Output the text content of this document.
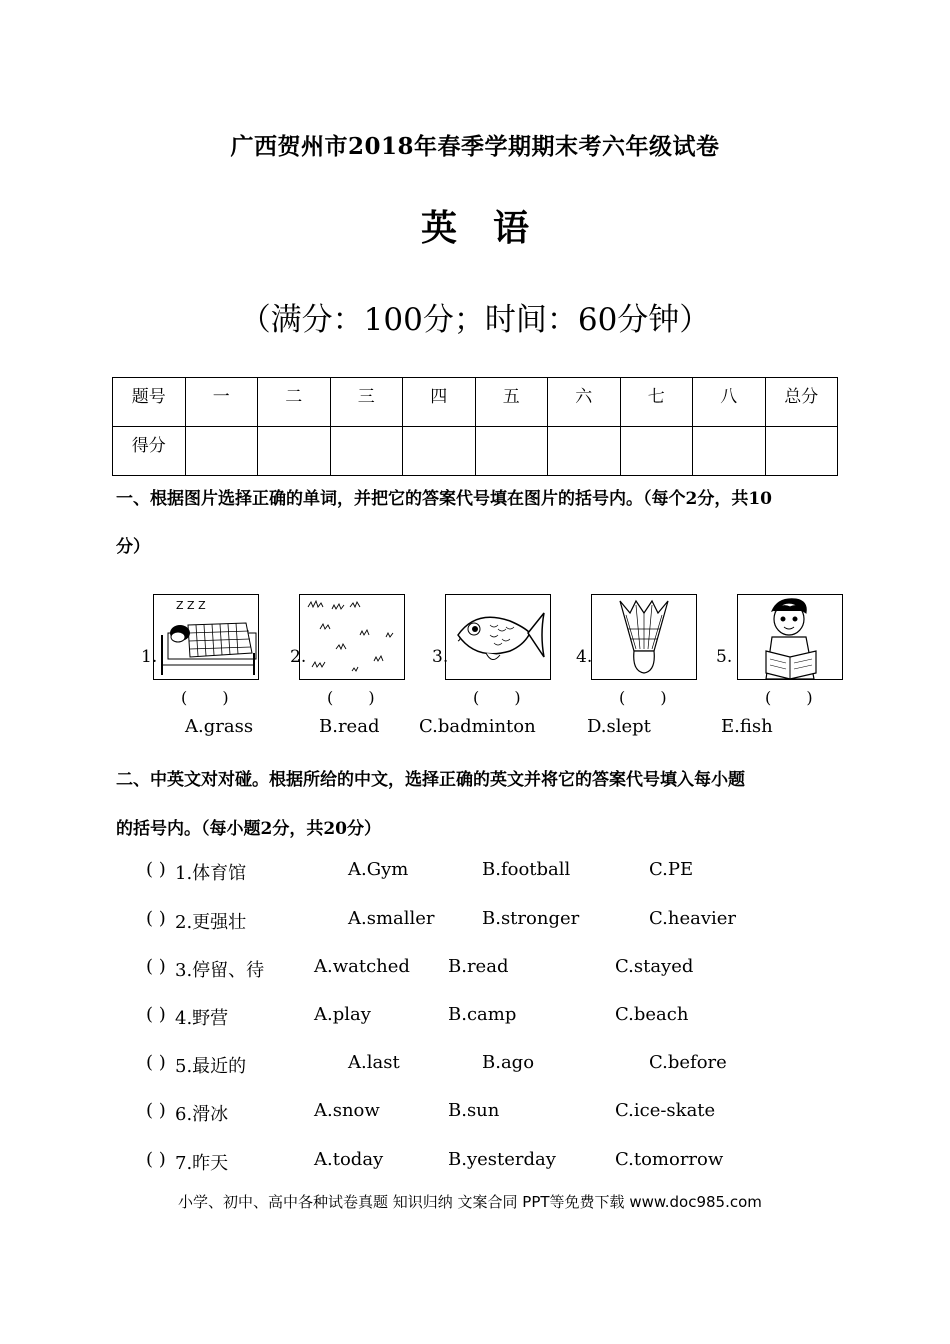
广西贺州市2018年春季学期期末考六年级试卷
英语
（满分：100分；时间：60分钟）
题号	一	二	三	四	五	六	七	八	总分
得分									
一、根据图片选择正确的单词，并把它的答案代号填在图片的括号内。（每个2分，共10
分）
1.
Z Z Z
( )
2.
( )
3.
( )
4.
( )
5.
( )
A.grass	B.read C.badminton	D.slept	E.fish
二、中英文对对碰。根据所给的中文，选择正确的英文并将它的答案代号填入每小题
的括号内。（每小题2分，共20分）
( ) 1.体育馆	A.Gym	B.football	C.PE
( ) 2.更强壮	A.smaller	B.stronger	C.heavier
( ) 3.停留、待	A.watched B.read	C.stayed
( ) 4.野营	A.play	B.camp	C.beach
( ) 5.最近的	A.last	B.ago	C.before
( ) 6.滑冰	A.snow	B.sun	C.ice-skate
( ) 7.昨天	A.today	B.yesterday	C.tomorrow
小学、初中、高中各种试卷真题 知识归纳 文案合同 PPT等免费下载 www.doc985.com
